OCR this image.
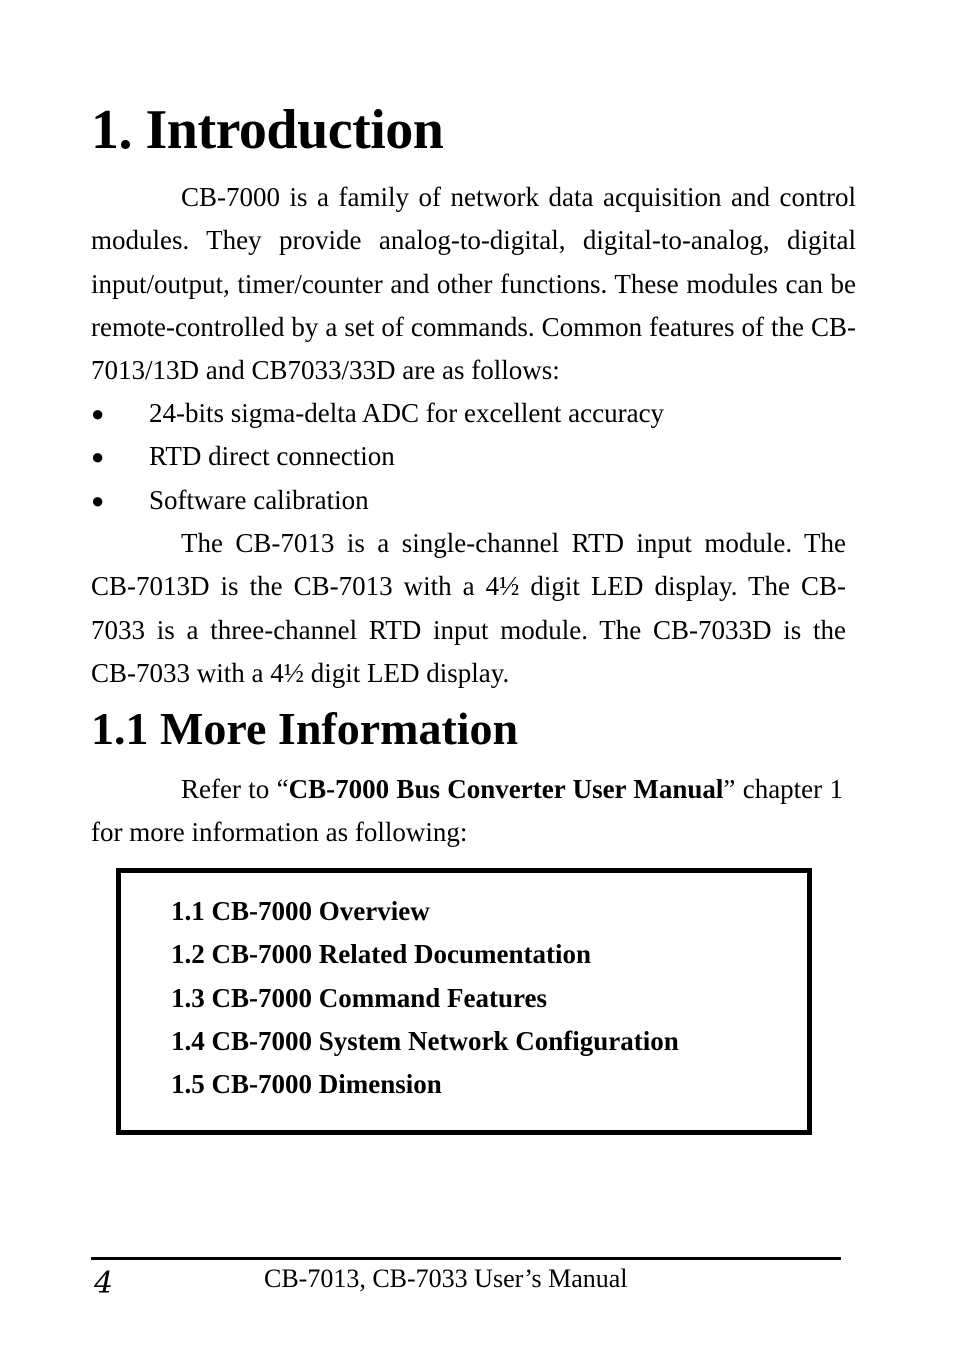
1. Introduction
CB-7000 is a family of network data acquisition and control modules. They provide analog-to-digital, digital-to-analog, digital input/output, timer/counter and other functions. These modules can be remote-controlled by a set of commands. Common features of the CB-7013/13D and CB7033/33D are as follows:
● 24-bits sigma-delta ADC for excellent accuracy
● RTD direct connection
● Software calibration
The CB-7013 is a single-channel RTD input module. The CB-7013D is the CB-7013 with a 4½ digit LED display. The CB-7033 is a three-channel RTD input module. The CB-7033D is the CB-7033 with a 4½ digit LED display.
1.1 More Information
Refer to “CB-7000 Bus Converter User Manual” chapter 1 for more information as following:
1.1 CB-7000 Overview
1.2 CB-7000 Related Documentation
1.3 CB-7000 Command Features
1.4 CB-7000 System Network Configuration
1.5 CB-7000 Dimension
4	CB-7013, CB-7033 User’s Manual
